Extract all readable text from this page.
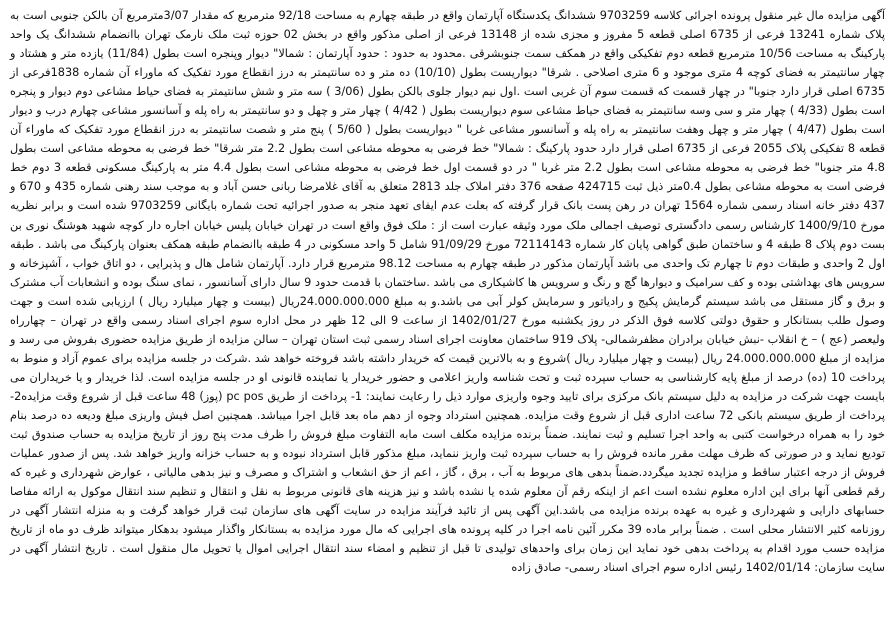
آگهی مزایده مال غیر منقول پرونده اجرائی کلاسه 9703259 ششدانگ یکدستگاه آپارتمان واقع در طبقه چهارم به مساحت 92/18 مترمربع که مقدار 3/07مترمربع آن بالکن جنوبی است به پلاک شماره 13241 فرعی از 6735 اصلی قطعه 5 مفروز و مجزی شده از 13148 فرعی از اصلی مذکور واقع در بخش 02 حوزه ثبت ملک نارمک تهران باانضمام ششدانگ یک واحد پارکینگ به مساحت 10/56 مترمربع قطعه دوم تفکیکی واقع در همکف سمت جنوبشرقی .محدود به حدود : حدود آپارتمان : شمالا" دیوار وپنجره است بطول (11/84) یازده متر و هشتاد و چهار سانتیمتر به فضای کوچه 4 متری موجود و 6 متری اصلاحی . شرقا" دیواریست بطول (10/10) ده متر و ده سانتیمتر به درز انقطاع مورد تفکیک که ماوراء آن شماره 1838فرعی از 6735 اصلی قرار دارد جنوبا" در چهار قسمت که قسمت سوم آن غربی است .اول نیم دیوار جلوی بالکن بطول (3/06 ) سه متر و شش سانتیمتر به فضای حیاط مشاعی دوم دیوار و پنجره است بطول (4/33 ) چهار متر و سی وسه سانتیمتر به فضای حیاط مشاعی سوم دیواریست بطول ( 4/42 ) چهار متر و چهل و دو سانتیمتر به راه پله و آسانسور مشاعی چهارم درب و دیوار است بطول (4/47 ) چهار متر و چهل وهفت سانتیمتر به راه پله و آسانسور مشاعی غربا " دیواریست بطول ( 5/60 ) پنج متر و شصت سانتیمتر به درز انقطاع مورد تفکیک که ماوراء آن قطعه 8 تفکیکی پلاک 2055 فرعی از 6735 اصلی قرار دارد حدود پارکینگ : شمالا" خط فرضی به محوطه مشاعی است بطول 2.2 متر شرقا" خط فرضی به محوطه مشاعی است بطول 4.8 متر جنوبا" خط فرضی به محوطه مشاعی است بطول 2.2 متر غربا " در دو قسمت اول خط فرضی به محوطه مشاعی است بطول 4.4 متر به پارکینگ مسکونی قطعه 3 دوم خط فرضی است به محوطه مشاعی بطول 0.4متر ذیل ثبت 424715 صفحه 376 دفتر املاک جلد 2813 متعلق به آقای غلامرضا ربانی حسن آباد و به موجب سند رهنی شماره 435 و 670 و 437 دفتر خانه اسناد رسمی شماره 1564 تهران در رهن پست بانک قرار گرفته که بعلت عدم ایفای تعهد منجر به صدور اجرائیه تحت شماره بایگانی 9703259 شده است و برابر نظریه مورخ 1400/9/10 کارشناس رسمی دادگستری توصیف اجمالی ملک مورد وثیقه عبارت است از : ملک فوق واقع است در تهران خیابان پلیس خیابان اجاره دار کوچه شهید هوشنگ نوری بن بست دوم پلاک 8 طبقه 4 و ساختمان طبق گواهی پایان کار شماره 72114143 مورخ 91/09/29 شامل 5 واحد مسکونی در 4 طبقه باانضمام طبقه همکف بعنوان پارکینگ می باشد . طبقه اول 2 واحدی و طبقات دوم تا چهارم تک واحدی می باشد آپارتمان مذکور در طبقه چهارم به مساحت 98.12 مترمربع قرار دارد. آپارتمان شامل هال و پذیرایی ، دو اتاق خواب ، آشپزخانه و سرویس های بهداشتی بوده و کف سرامیک و دیوارها گچ و رنگ و سرویس ها کاشیکاری می باشد .ساختمان با قدمت حدود 9 سال دارای آسانسور ، نمای سنگ بوده و انشعابات آب مشترک و برق و گاز مستقل می باشد سیستم گرمایش پکیج و رادیاتور و سرمایش کولر آبی می باشد.و به مبلغ 24.000.000.000ریال (بیست و چهار میلیارد ریال ) ارزیابی شده است و جهت وصول طلب بستانکار و حقوق دولتی کلاسه فوق الذکر در روز یکشنبه مورخ 1402/01/27 از ساعت 9 الی 12 ظهر در محل اداره سوم اجرای اسناد رسمی واقع در تهران – چهارراه ولیعصر (عج ) – خ انقلاب -نبش خیابان برادران مظفرشمالی- پلاک 919 ساختمان معاونت اجرای اسناد رسمی ثبت استان تهران – سالن مزایده از طریق مزایده حضوری بفروش می رسد و مزایده از مبلغ 24.000.000.000 ریال (بیست و چهار میلیارد ریال )شروع و به بالاترین قیمت که خریدار داشته باشد فروخته خواهد شد .شرکت در جلسه مزایده برای عموم آزاد و منوط به پرداخت 10 (ده) درصد از مبلغ پایه کارشناسی به حساب سپرده ثبت و تحت شناسه واریز اعلامی و حضور خریدار یا نماینده قانونی او در جلسه مزایده است. لذا خریدار و یا خریداران می بایست جهت شرکت در مزایده به دلیل سیستم بانک مرکزی برای تایید وجوه واریزی موارد ذیل را رعایت نمایند: 1- پرداخت از طریق pc pos (پوز) 48 ساعت قبل از شروع وقت مزایده2- پرداخت از طریق سیستم بانکی 72 ساعت اداری قبل از شروع وقت مزایده. همچنین استرداد وجوه از دهم ماه بعد قابل اجرا میباشد. همچنین اصل فیش واریزی مبلغ ودیعه ده درصد بنام خود را به همراه درخواست کتبی به واحد اجرا تسلیم و ثبت نمایند. ضمناً برنده مزایده مکلف است مابه التفاوت مبلغ فروش را ظرف مدت پنج روز از تاریخ مزایده به حساب صندوق ثبت تودیع نماید و در صورتی که ظرف مهلت مقرر مانده فروش را به حساب سپرده ثبت واریز ننماید، مبلغ مذکور قابل استرداد نبوده و به حساب خزانه واریز خواهد شد. پس از صدور عملیات فروش از درجه اعتبار ساقط و مزایده تجدید میگردد.ضمناً بدهی های مربوط به آب ، برق ، گاز ، اعم از حق انشعاب و اشتراک و مصرف و نیز بدهی مالیاتی ، عوارض شهرداری و غیره که رقم قطعی آنها برای این اداره معلوم نشده است اعم از اینکه رقم آن معلوم شده یا نشده باشد و نیز هزینه های قانونی مربوط به نقل و انتقال و تنظیم سند انتقال موکول به ارائه مفاصا حسابهای دارایی و شهرداری و غیره به عهده برنده مزایده می باشد.این آگهی پس از تائید فرآیند مزایده در سایت آگهی های سازمان ثبت قرار خواهد گرفت و به منزله انتشار آگهی در روزنامه کثیر الانتشار محلی است . ضمناً برابر ماده 39 مکرر آئین نامه اجرا در کلیه پرونده های اجرایی که مال مورد مزایده به بستانکار واگذار میشود بدهکار میتواند ظرف دو ماه از تاریخ مزایده حسب مورد اقدام به پرداخت بدهی خود نماید این زمان برای واحدهای تولیدی تا قبل از تنظیم و امضاء سند انتقال اجرایی اموال یا تحویل مال منقول است . تاریخ انتشار آگهی در سایت سازمان: 1402/01/14 رئیس اداره سوم اجرای اسناد رسمی- صادق زاده
